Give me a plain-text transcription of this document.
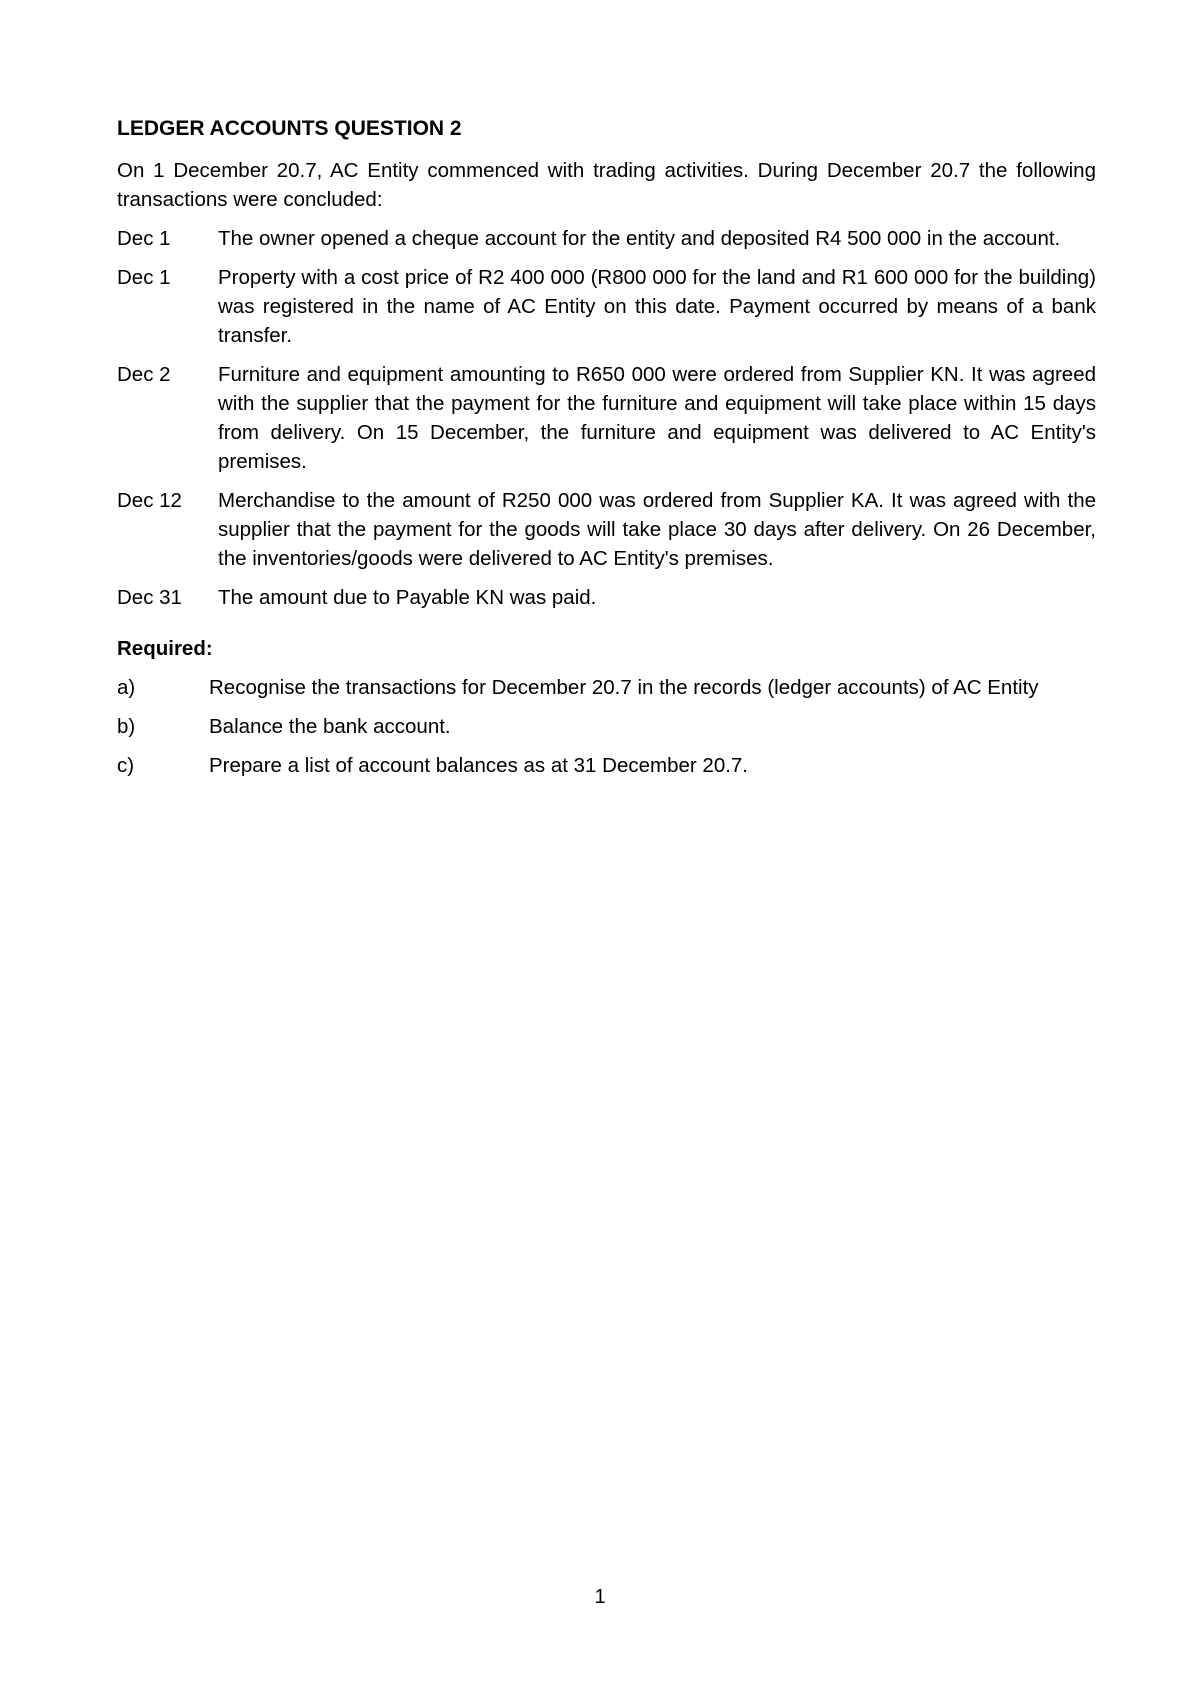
LEDGER ACCOUNTS QUESTION 2
On 1 December 20.7, AC Entity commenced with trading activities. During December 20.7 the following transactions were concluded:
Dec 1	The owner opened a cheque account for the entity and deposited R4 500 000 in the account.
Dec 1	Property with a cost price of R2 400 000 (R800 000 for the land and R1 600 000 for the building) was registered in the name of AC Entity on this date. Payment occurred by means of a bank transfer.
Dec 2	Furniture and equipment amounting to R650 000 were ordered from Supplier KN. It was agreed with the supplier that the payment for the furniture and equipment will take place within 15 days from delivery. On 15 December, the furniture and equipment was delivered to AC Entity's premises.
Dec 12	Merchandise to the amount of R250 000 was ordered from Supplier KA. It was agreed with the supplier that the payment for the goods will take place 30 days after delivery. On 26 December, the inventories/goods were delivered to AC Entity's premises.
Dec 31	The amount due to Payable KN was paid.
Required:
a)	Recognise the transactions for December 20.7 in the records (ledger accounts) of AC Entity
b)	Balance the bank account.
c)	Prepare a list of account balances as at 31 December 20.7.
1
